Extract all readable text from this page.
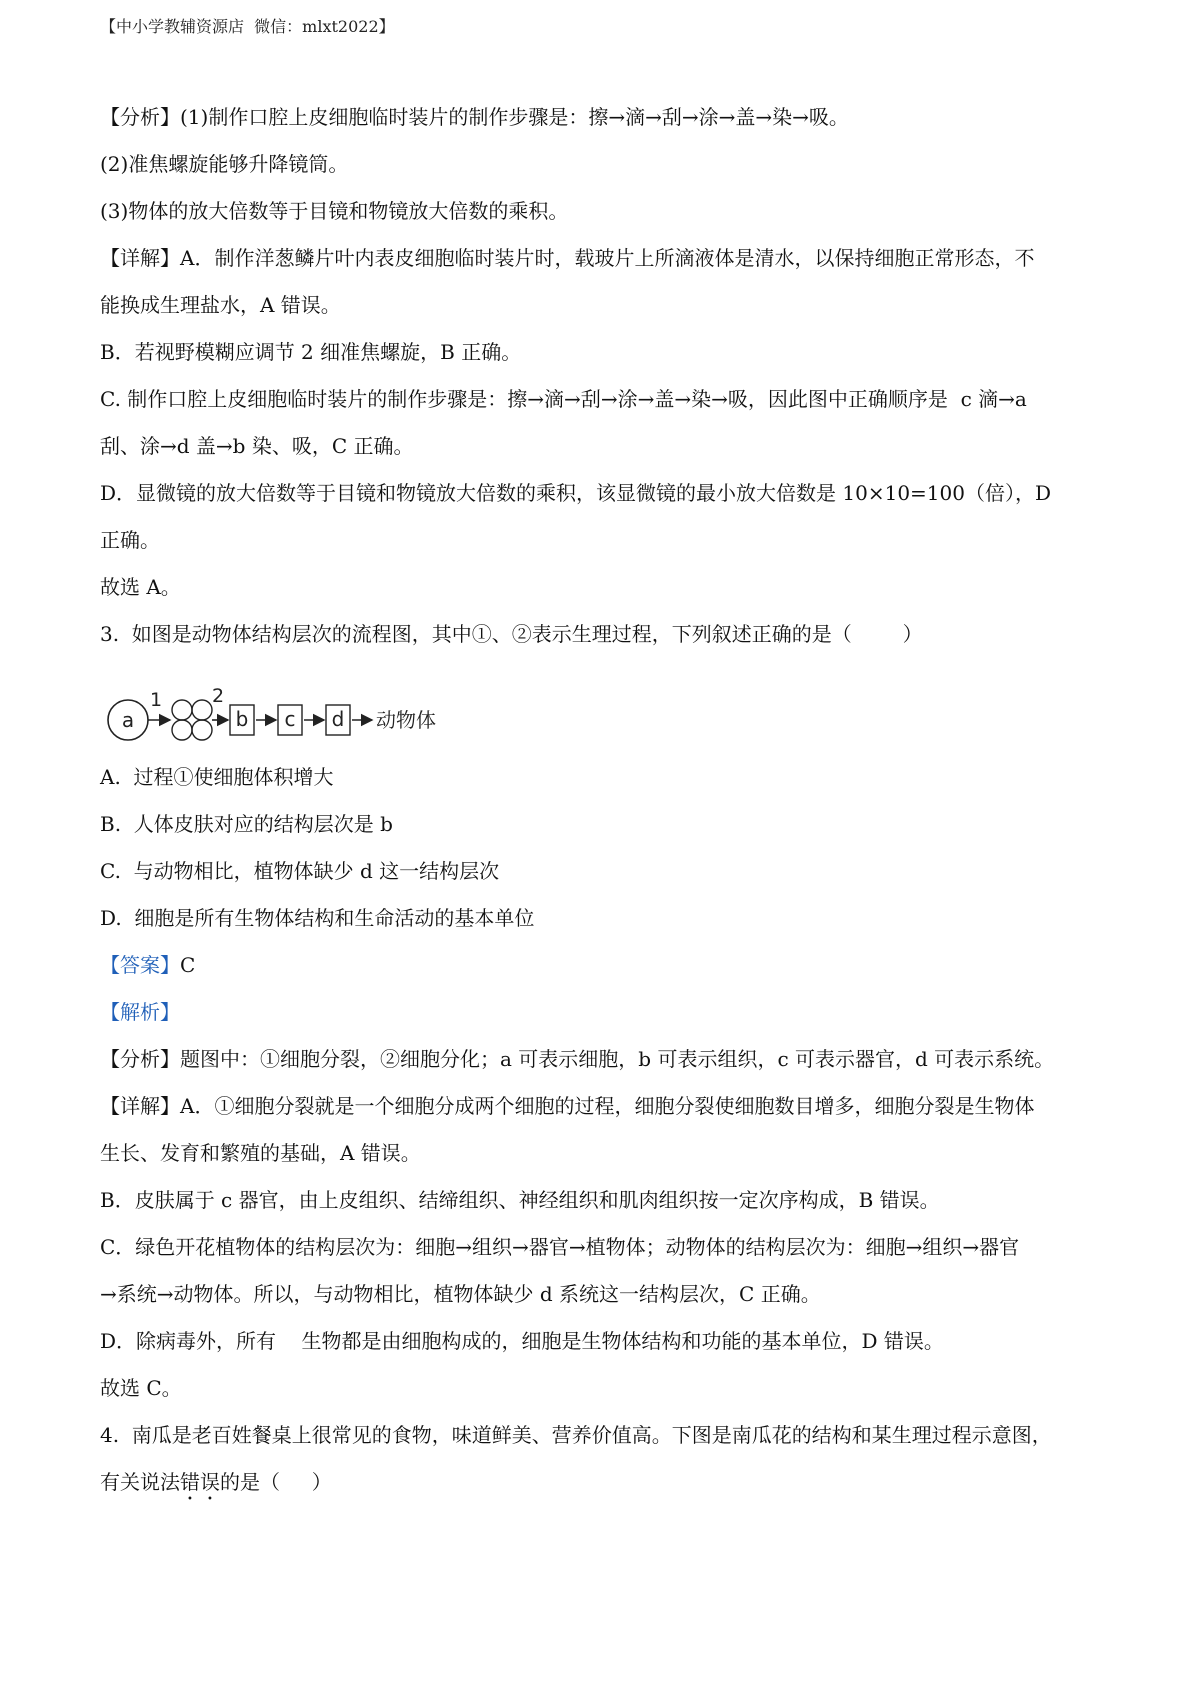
【中小学教辅资源店  微信：mlxt2022】
【分析】(1)制作口腔上皮细胞临时装片的制作步骤是：擦→滴→刮→涂→盖→染→吸。
(2)准焦螺旋能够升降镜筒。
(3)物体的放大倍数等于目镜和物镜放大倍数的乘积。
【详解】A．制作洋葱鳞片叶内表皮细胞临时装片时，载玻片上所滴液体是清水，以保持细胞正常形态，不
能换成生理盐水，A 错误。
B．若视野模糊应调节 2 细准焦螺旋，B 正确。
C. 制作口腔上皮细胞临时装片的制作步骤是：擦→滴→刮→涂→盖→染→吸，因此图中正确顺序是  c 滴→a
刮、涂→d 盖→b 染、吸，C 正确。
D．显微镜的放大倍数等于目镜和物镜放大倍数的乘积，该显微镜的最小放大倍数是 10×10=100（倍），D
正确。
故选 A。
3.  如图是动物体结构层次的流程图，其中①、②表示生理过程，下列叙述正确的是（        ）
a
1	2
b c d 动物体
A.  过程①使细胞体积增大
B.  人体皮肤对应的结构层次是 b
C.  与动物相比，植物体缺少 d 这一结构层次
D.  细胞是所有生物体结构和生命活动的基本单位
【答案】C
【解析】
【分析】题图中：①细胞分裂，②细胞分化；a 可表示细胞，b 可表示组织，c 可表示器官，d 可表示系统。
【详解】A．①细胞分裂就是一个细胞分成两个细胞的过程，细胞分裂使细胞数目增多，细胞分裂是生物体
生长、发育和繁殖的基础，A 错误。
B．皮肤属于 c 器官，由上皮组织、结缔组织、神经组织和肌肉组织按一定次序构成，B 错误。
C．绿色开花植物体的结构层次为：细胞→组织→器官→植物体；动物体的结构层次为：细胞→组织→器官
→系统→动物体。所以，与动物相比，植物体缺少 d 系统这一结构层次，C 正确。
D．除病毒外，所有    生物都是由细胞构成的，细胞是生物体结构和功能的基本单位，D 错误。
故选 C。
4.  南瓜是老百姓餐桌上很常见的食物，味道鲜美、营养价值高。下图是南瓜花的结构和某生理过程示意图，
有关说法错误的是（     ）
